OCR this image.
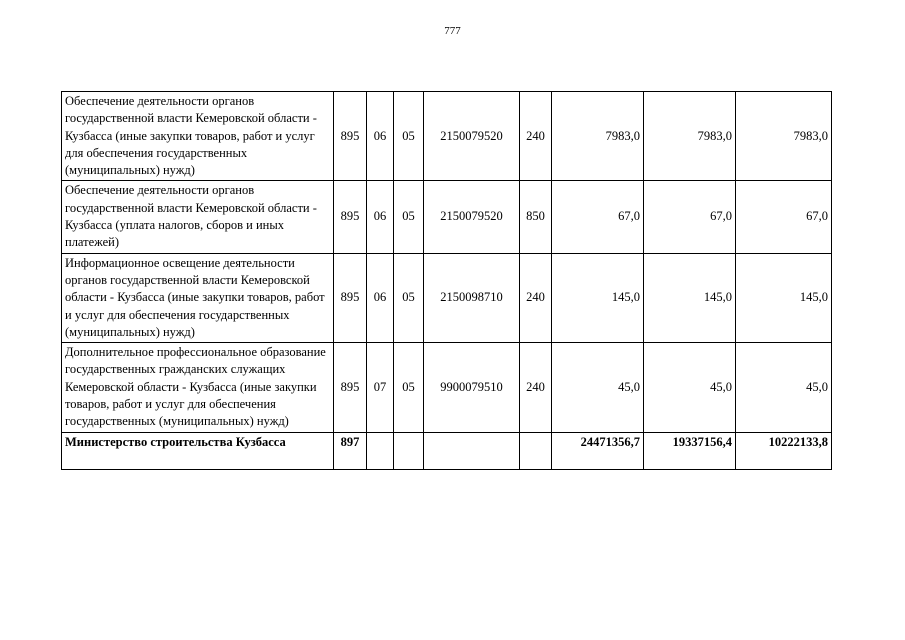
777
Обеспечение деятельности органов государственной власти Кемеровской области - Кузбасса (иные закупки товаров, работ и услуг для обеспечения государственных (муниципальных) нужд)	895	06	05	2150079520	240	7983,0	7983,0	7983,0
Обеспечение деятельности органов государственной власти Кемеровской области - Кузбасса (уплата налогов, сборов и иных платежей)	895	06	05	2150079520	850	67,0	67,0	67,0
Информационное освещение деятельности органов государственной власти Кемеровской области - Кузбасса (иные закупки товаров, работ и услуг для обеспечения государственных (муниципальных) нужд)	895	06	05	2150098710	240	145,0	145,0	145,0
Дополнительное профессиональное образование государственных гражданских служащих Кемеровской области - Кузбасса (иные закупки товаров, работ и услуг для обеспечения государственных (муниципальных) нужд)	895	07	05	9900079510	240	45,0	45,0	45,0
Министерство строительства Кузбасса	897					24471356,7	19337156,4	10222133,8
